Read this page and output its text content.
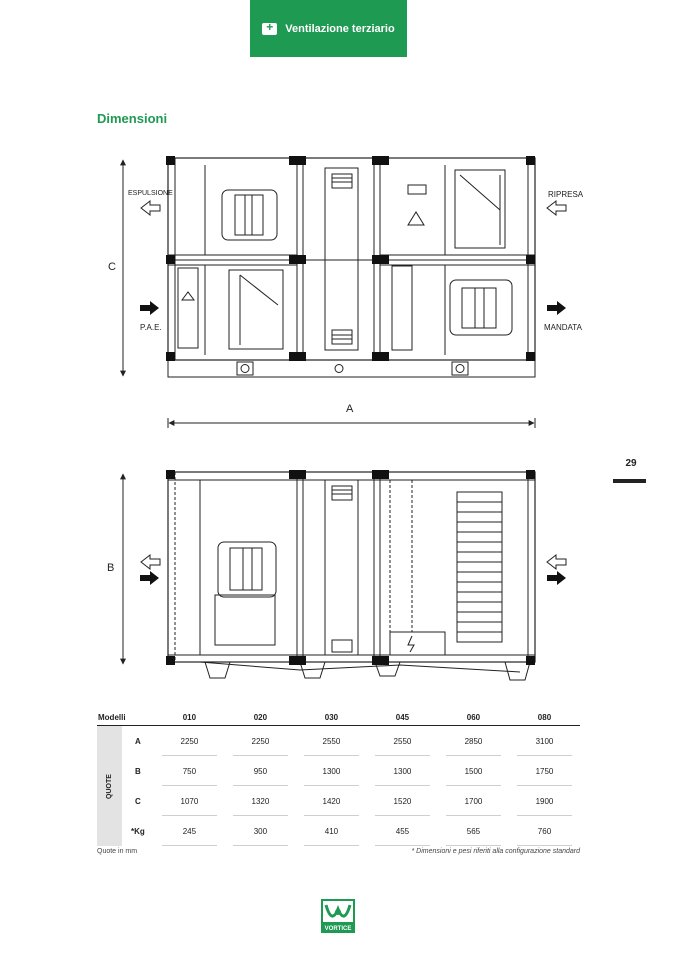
+
Ventilazione terziario
Dimensioni
29
ESPULSIONE	RIPRESA
P.A.E.	MANDATA
C
A
B
Modelli		010	020	030	045	060	080
QUOTE	A	2250	2250	2550	2550	2850	3100
	B	750	950	1300	1300	1500	1750
	C	1070	1320	1420	1520	1700	1900
	*Kg	245	300	410	455	565	760
Quote in mm	* Dimensioni e pesi riferiti alla configurazione standard
VORTICE
